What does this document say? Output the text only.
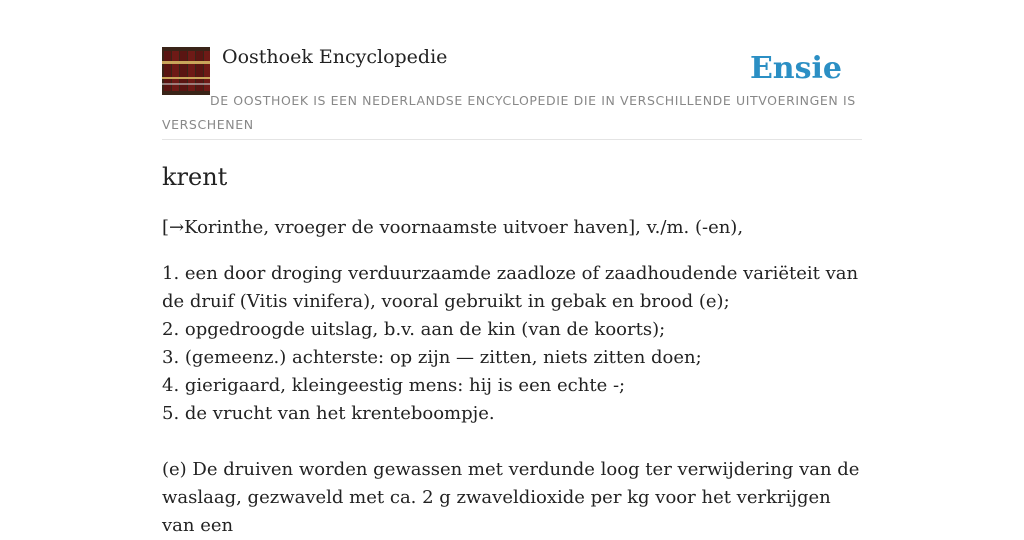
Oosthoek Encyclopedie	Ensie
DE OOSTHOEK IS EEN NEDERLANDSE ENCYCLOPEDIE DIE IN VERSCHILLENDE UITVOERINGEN IS VERSCHENEN
krent

[→Korinthe, vroeger de voornaamste uitvoer haven], v./m. (-en),

1. een door droging verduurzaamde zaadloze of zaadhoudende variëteit van de druif (Vitis vinifera), vooral gebruikt in gebak en brood (e);
2. opgedroogde uitslag, b.v. aan de kin (van de koorts);
3. (gemeenz.) achterste: op zijn — zitten, niets zitten doen;
4. gierigaard, kleingeestig mens: hij is een echte -;
5. de vrucht van het krenteboompje.

(e) De druiven worden gewassen met verdunde loog ter verwijdering van de waslaag, gezwaveld met ca. 2 g zwaveldioxide per kg voor het verkrijgen van een
